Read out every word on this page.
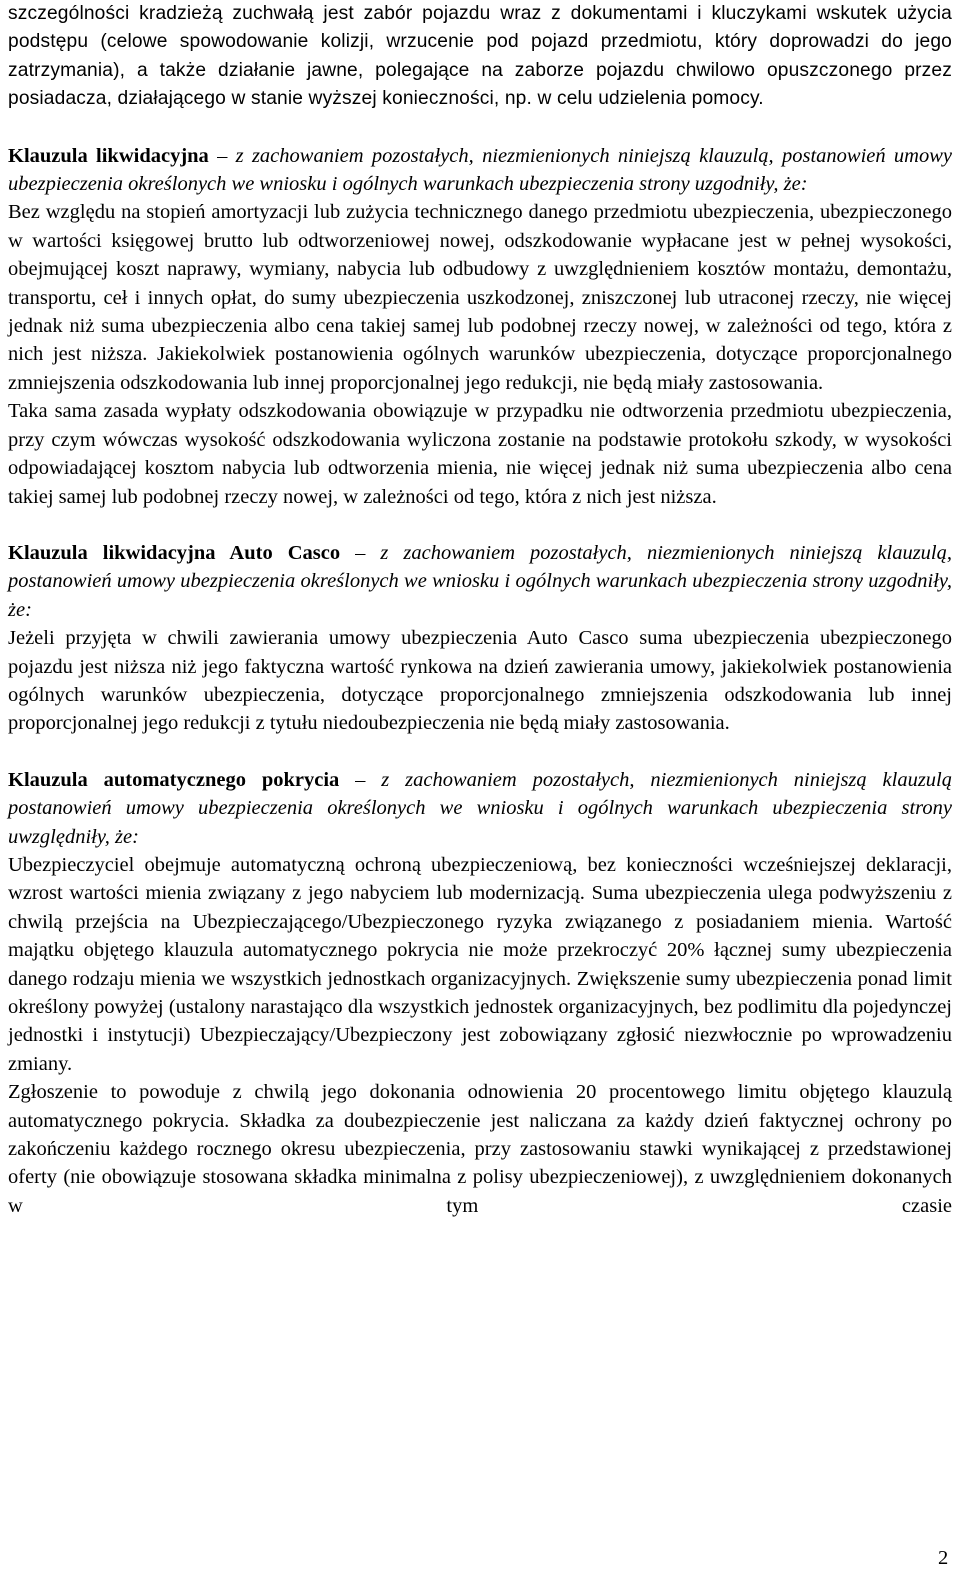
szczególności kradzieżą zuchwałą jest zabór pojazdu wraz z dokumentami i kluczykami wskutek użycia podstępu (celowe spowodowanie kolizji, wrzucenie pod pojazd przedmiotu, który doprowadzi do jego zatrzymania), a także działanie jawne, polegające na zaborze pojazdu chwilowo opuszczonego przez posiadacza, działającego w stanie wyższej konieczności, np. w celu udzielenia pomocy.

Klauzula likwidacyjna – z zachowaniem pozostałych, niezmienionych niniejszą klauzulą, postanowień umowy ubezpieczenia określonych we wniosku i ogólnych warunkach ubezpieczenia strony uzgodniły, że:

Bez względu na stopień amortyzacji lub zużycia technicznego danego przedmiotu ubezpieczenia, ubezpieczonego w wartości księgowej brutto lub odtworzeniowej nowej, odszkodowanie wypłacane jest w pełnej wysokości, obejmującej koszt naprawy, wymiany, nabycia lub odbudowy z uwzględnieniem kosztów montażu, demontażu, transportu, ceł i innych opłat, do sumy ubezpieczenia uszkodzonej, zniszczonej lub utraconej rzeczy, nie więcej jednak niż suma ubezpieczenia albo cena takiej samej lub podobnej rzeczy nowej, w zależności od tego, która z nich jest niższa. Jakiekolwiek postanowienia ogólnych warunków ubezpieczenia, dotyczące proporcjonalnego zmniejszenia odszkodowania lub innej proporcjonalnej jego redukcji, nie będą miały zastosowania.

Taka sama zasada wypłaty odszkodowania obowiązuje w przypadku nie odtworzenia przedmiotu ubezpieczenia, przy czym wówczas wysokość odszkodowania wyliczona zostanie na podstawie protokołu szkody, w wysokości odpowiadającej kosztom nabycia lub odtworzenia mienia, nie więcej jednak niż suma ubezpieczenia albo cena takiej samej lub podobnej rzeczy nowej, w zależności od tego, która z nich jest niższa.

Klauzula likwidacyjna Auto Casco – z zachowaniem pozostałych, niezmienionych niniejszą klauzulą, postanowień umowy ubezpieczenia określonych we wniosku i ogólnych warunkach ubezpieczenia strony uzgodniły, że:

Jeżeli przyjęta w chwili zawierania umowy ubezpieczenia Auto Casco suma ubezpieczenia ubezpieczonego pojazdu jest niższa niż jego faktyczna wartość rynkowa na dzień zawierania umowy, jakiekolwiek postanowienia ogólnych warunków ubezpieczenia, dotyczące proporcjonalnego zmniejszenia odszkodowania lub innej proporcjonalnej jego redukcji z tytułu niedoubezpieczenia nie będą miały zastosowania.

Klauzula automatycznego pokrycia – z zachowaniem pozostałych, niezmienionych niniejszą klauzulą postanowień umowy ubezpieczenia określonych we wniosku i ogólnych warunkach ubezpieczenia strony uwzględniły, że:

Ubezpieczyciel obejmuje automatyczną ochroną ubezpieczeniową, bez konieczności wcześniejszej deklaracji, wzrost wartości mienia związany z jego nabyciem lub modernizacją. Suma ubezpieczenia ulega podwyższeniu z chwilą przejścia na Ubezpieczającego/Ubezpieczonego ryzyka związanego z posiadaniem mienia. Wartość majątku objętego klauzula automatycznego pokrycia nie może przekroczyć 20% łącznej sumy ubezpieczenia danego rodzaju mienia we wszystkich jednostkach organizacyjnych. Zwiększenie sumy ubezpieczenia ponad limit określony powyżej (ustalony narastająco dla wszystkich jednostek organizacyjnych, bez podlimitu dla pojedynczej jednostki i instytucji) Ubezpieczający/Ubezpieczony jest zobowiązany zgłosić niezwłocznie po wprowadzeniu zmiany.

Zgłoszenie to powoduje z chwilą jego dokonania odnowienia 20 procentowego limitu objętego klauzulą automatycznego pokrycia. Składka za doubezpieczenie jest naliczana za każdy dzień faktycznej ochrony po zakończeniu każdego rocznego okresu ubezpieczenia, przy zastosowaniu stawki wynikającej z przedstawionej oferty (nie obowiązuje stosowana składka minimalna z polisy ubezpieczeniowej), z uwzględnieniem dokonanych w tym czasie

2
